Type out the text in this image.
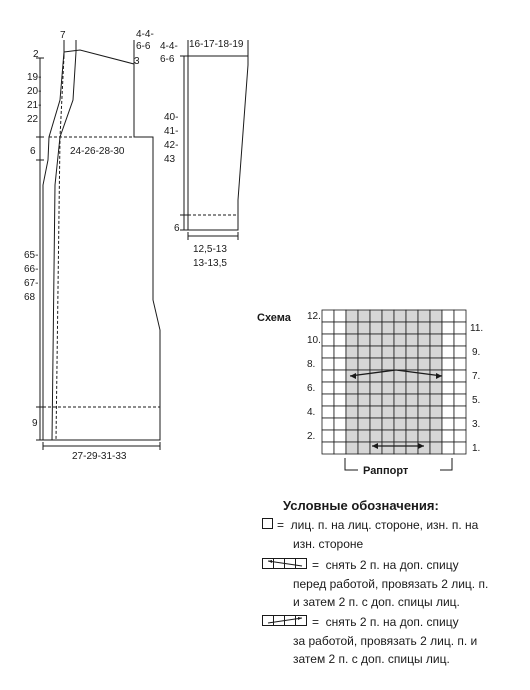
2
7	4-4-
6-6
3
19-
20-
21-
22
6	24-26-28-30
65-
66-
67-
68
9
27-29-31-33
4-4-
6-6
16-17-18-19
40-
41-
42-
43
6
12,5-13
13-13,5
Схема 12.
10.
8.
6.
4.
2.
11.
9.
7.
5.
3.
1.
Раппорт
Условные обозначения:
=  лиц. п. на лиц. стороне, изн. п. на
изн. стороне
=  снять 2 п. на доп. спицу
перед работой, провязать 2 лиц. п.
и затем 2 п. с доп. спицы лиц.
=  снять 2 п. на доп. спицу
за работой, провязать 2 лиц. п. и
затем 2 п. с доп. спицы лиц.
